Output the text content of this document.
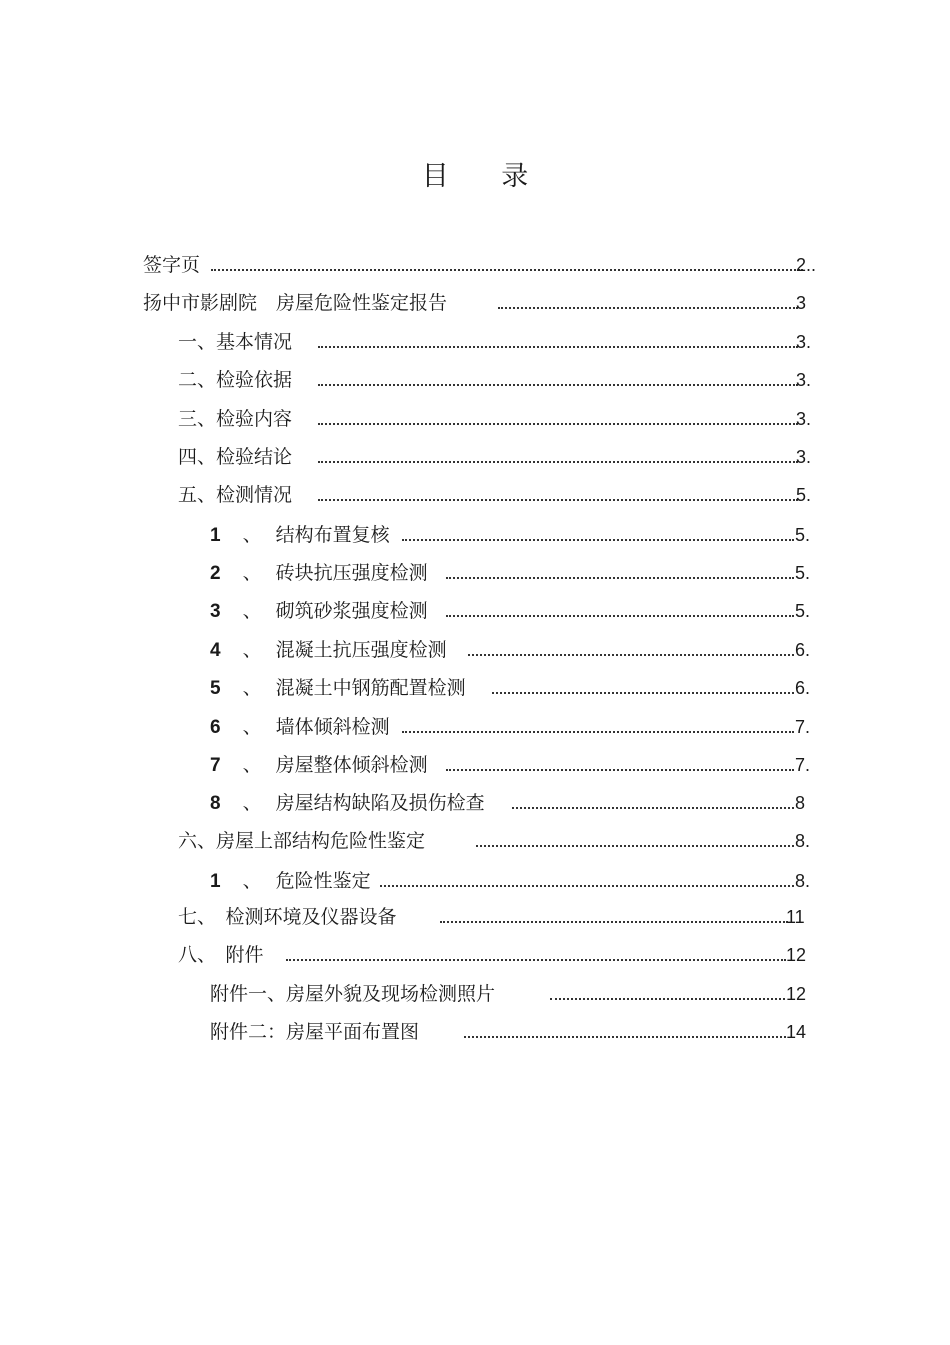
目 录
签字页	2..
扬中市影剧院　房屋危险性鉴定报告	3
一、基本情况	3.
二、检验依据	3.
三、检验内容	3.
四、检验结论	3.
五、检测情况	5.
1 、 结构布置复核	5.
2 、 砖块抗压强度检测	5.
3 、 砌筑砂浆强度检测	5.
4 、 混凝土抗压强度检测	6.
5 、 混凝土中钢筋配置检测	6.
6 、 墙体倾斜检测	7.
7 、 房屋整体倾斜检测	7.
8 、 房屋结构缺陷及损伤检查	8
六、房屋上部结构危险性鉴定	8.
1 、 危险性鉴定	8.
七、　检测环境及仪器设备	11
八、　附件	12
附件一、房屋外貌及现场检测照片	12
附件二：房屋平面布置图	14
